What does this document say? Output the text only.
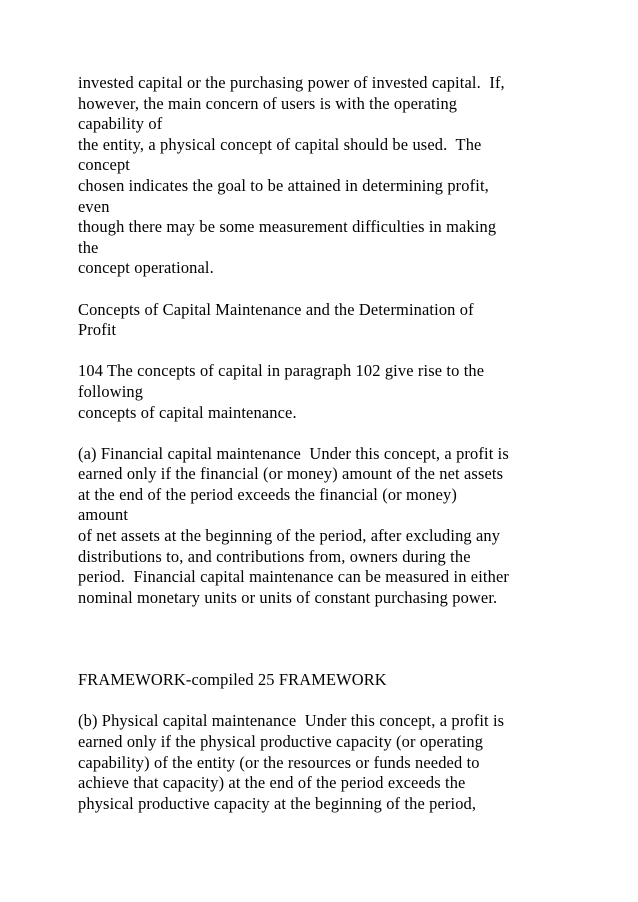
invested capital or the purchasing power of invested capital.  If,
however, the main concern of users is with the operating
capability of
the entity, a physical concept of capital should be used.  The
concept
chosen indicates the goal to be attained in determining profit,
even
though there may be some measurement difficulties in making
the
concept operational.
Concepts of Capital Maintenance and the Determination of
Profit
104 The concepts of capital in paragraph 102 give rise to the
following
concepts of capital maintenance.
(a) Financial capital maintenance  Under this concept, a profit is
earned only if the financial (or money) amount of the net assets
at the end of the period exceeds the financial (or money)
amount
of net assets at the beginning of the period, after excluding any
distributions to, and contributions from, owners during the
period.  Financial capital maintenance can be measured in either
nominal monetary units or units of constant purchasing power.
FRAMEWORK-compiled 25 FRAMEWORK
(b) Physical capital maintenance  Under this concept, a profit is
earned only if the physical productive capacity (or operating
capability) of the entity (or the resources or funds needed to
achieve that capacity) at the end of the period exceeds the
physical productive capacity at the beginning of the period,
